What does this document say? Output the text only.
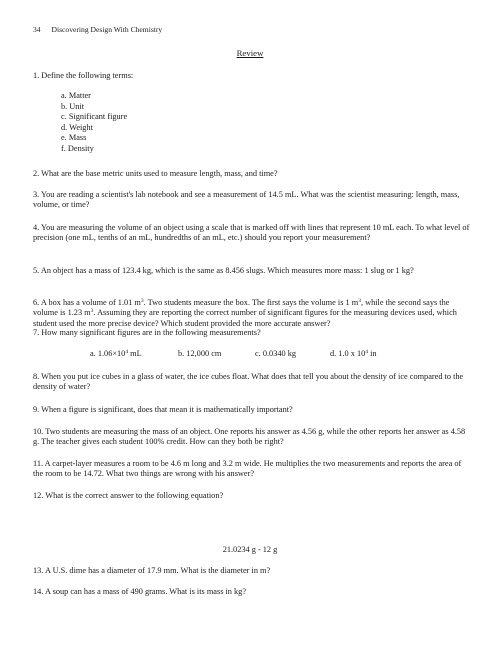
34 Discovering Design With Chemistry
Review
1. Define the following terms:
a. Matter
b. Unit
c. Significant figure
d. Weight
e. Mass
f. Density
2. What are the base metric units used to measure length, mass, and time?
3. You are reading a scientist's lab notebook and see a measurement of 14.5 mL. What was the scientist measuring: length, mass, volume, or time?
4. You are measuring the volume of an object using a scale that is marked off with lines that represent 10 mL each. To what level of precision (one mL, tenths of an mL, hundredths of an mL, etc.) should you report your measurement?
5. An object has a mass of 123.4 kg, which is the same as 8.456 slugs. Which measures more mass: 1 slug or 1 kg?
6. A box has a volume of 1.01 $m^3$. Two students measure the box. The first says the volume is 1 $m^3$, while the second says the volume is 1.23 $m^3$. Assuming they are reporting the correct number of significant figures for the measuring devices used, which student used the more precise device? Which student provided the more accurate answer?
7. How many significant figures are in the following measurements?
a. $1.06\times 10^4$ mL	b. 12,000 cm	c. 0.0340 kg	d. 1.0 x $10^4$ in
8. When you put ice cubes in a glass of water, the ice cubes float. What does that tell you about the density of ice compared to the density of water?
9. When a figure is significant, does that mean it is mathematically important?
10. Two students are measuring the mass of an object. One reports his answer as 4.56 g, while the other reports her answer as 4.58 g. The teacher gives each student 100% credit. How can they both be right?
11. A carpet-layer measures a room to be 4.6 m long and 3.2 m wide. He multiplies the two measurements and reports the area of the room to be 14.72. What two things are wrong with his answer?
12. What is the correct answer to the following equation?
21.0234 g - 12 g
13. A U.S. dime has a diameter of 17.9 mm. What is the diameter in m?
14. A soup can has a mass of 490 grams. What is its mass in kg?
